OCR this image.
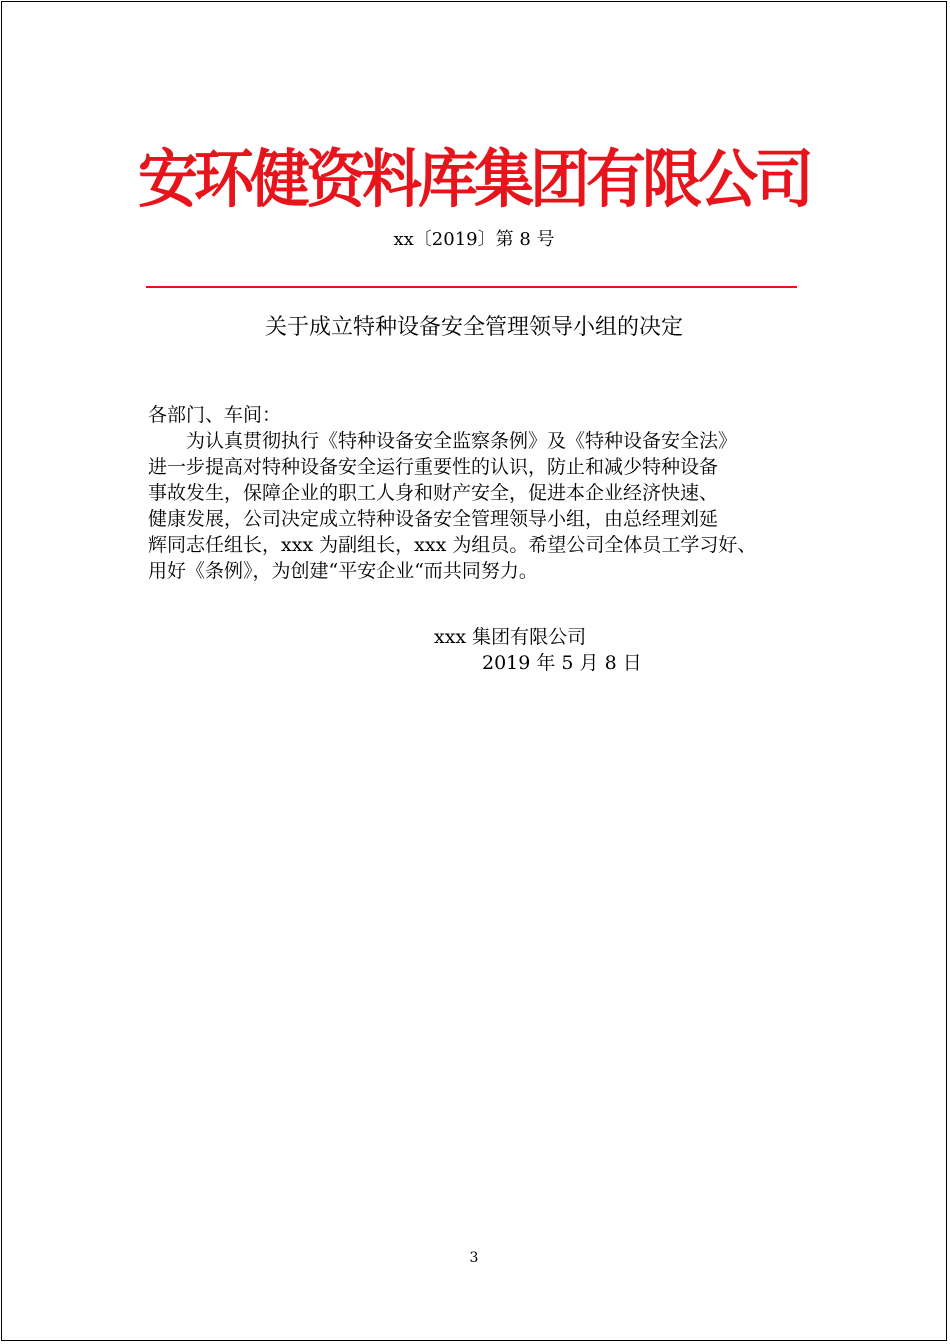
安环健资料库集团有限公司
xx〔2019〕第 8 号
关于成立特种设备安全管理领导小组的决定
各部门、车间：
为认真贯彻执行《特种设备安全监察条例》及《特种设备安全法》
进一步提高对特种设备安全运行重要性的认识，防止和减少特种设备
事故发生，保障企业的职工人身和财产安全，促进本企业经济快速、
健康发展，公司决定成立特种设备安全管理领导小组，由总经理刘延
辉同志任组长，xxx 为副组长，xxx 为组员。希望公司全体员工学习好、
用好《条例》，为创建“平安企业“而共同努力。
xxx 集团有限公司
2019 年 5 月 8 日
3
